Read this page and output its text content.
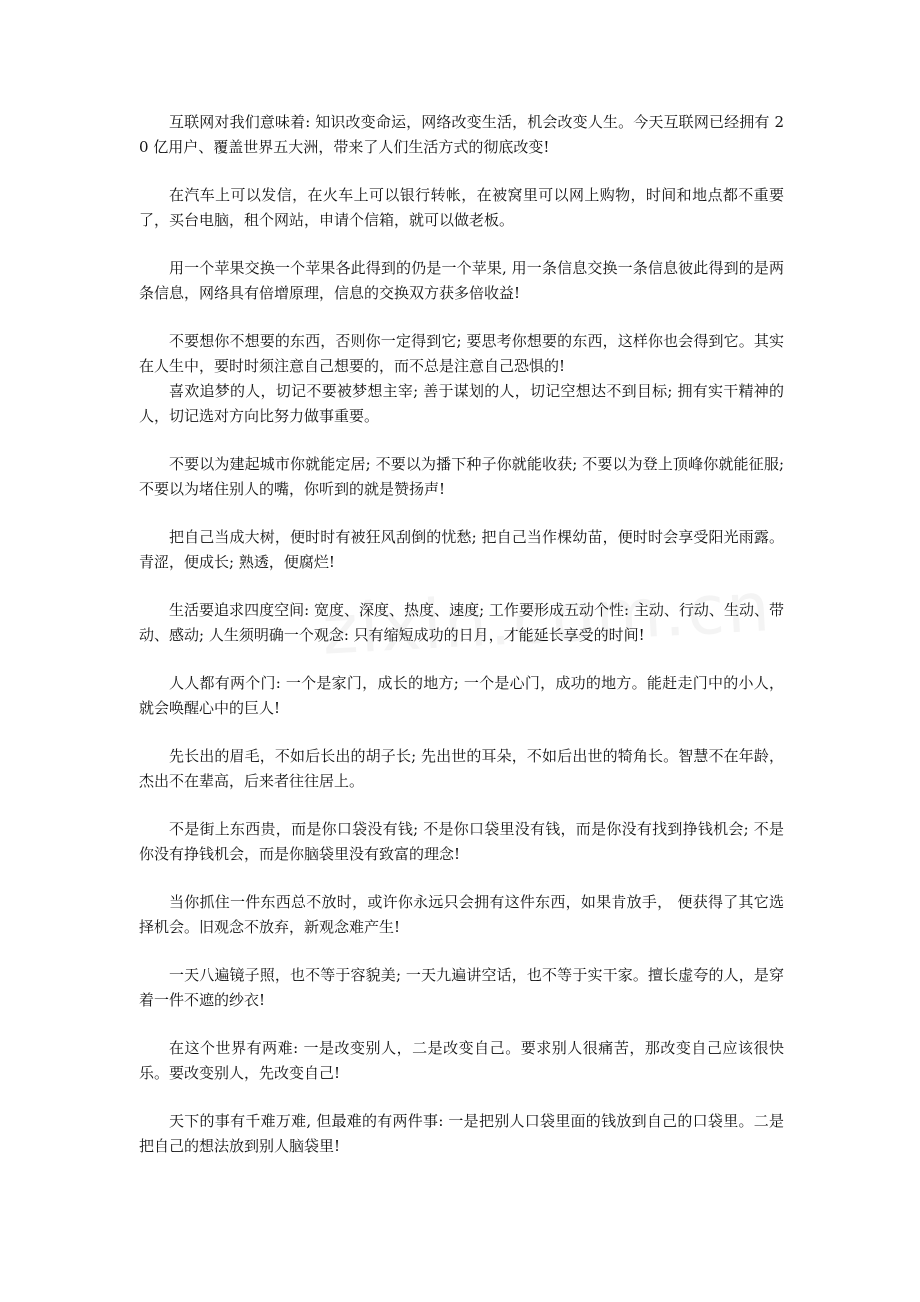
互联网对我们意味着: 知识改变命运，网络改变生活，机会改变人生。今天互联网已经拥有 20 亿用户、覆盖世界五大洲，带来了人们生活方式的彻底改变!

在汽车上可以发信，在火车上可以银行转帐，在被窝里可以网上购物，时间和地点都不重要了，买台电脑，租个网站，申请个信箱，就可以做老板。

用一个苹果交换一个苹果各此得到的仍是一个苹果, 用一条信息交换一条信息彼此得到的是两条信息，网络具有倍增原理，信息的交换双方获多倍收益!

不要想你不想要的东西，否则你一定得到它; 要思考你想要的东西，这样你也会得到它。其实在人生中，要时时须注意自己想要的，而不总是注意自己恐惧的!

喜欢追梦的人，切记不要被梦想主宰; 善于谋划的人，切记空想达不到目标; 拥有实干精神的人，切记选对方向比努力做事重要。

不要以为建起城市你就能定居; 不要以为播下种子你就能收获; 不要以为登上顶峰你就能征服; 不要以为堵住别人的嘴，你听到的就是赞扬声!

把自己当成大树，便时时有被狂风刮倒的忧愁; 把自己当作棵幼苗，便时时会享受阳光雨露。青涩，便成长; 熟透，便腐烂!

生活要追求四度空间: 宽度、深度、热度、速度; 工作要形成五动个性: 主动、行动、生动、带动、感动; 人生须明确一个观念: 只有缩短成功的日月，才能延长享受的时间!

人人都有两个门: 一个是家门，成长的地方; 一个是心门，成功的地方。能赶走门中的小人，就会唤醒心中的巨人!

先长出的眉毛，不如后长出的胡子长; 先出世的耳朵，不如后出世的犄角长。智慧不在年龄，杰出不在辈高，后来者往往居上。

不是街上东西贵，而是你口袋没有钱; 不是你口袋里没有钱，而是你没有找到挣钱机会; 不是你没有挣钱机会，而是你脑袋里没有致富的理念!

当你抓住一件东西总不放时，或许你永远只会拥有这件东西，如果肯放手， 便获得了其它选择机会。旧观念不放弃，新观念难产生!

一天八遍镜子照，也不等于容貌美; 一天九遍讲空话，也不等于实干家。擅长虚夸的人，是穿着一件不遮的纱衣!

在这个世界有两难: 一是改变别人，二是改变自己。要求别人很痛苦，那改变自己应该很快乐。要改变别人，先改变自己!

天下的事有千难万难, 但最难的有两件事: 一是把别人口袋里面的钱放到自己的口袋里。二是把自己的想法放到别人脑袋里!
